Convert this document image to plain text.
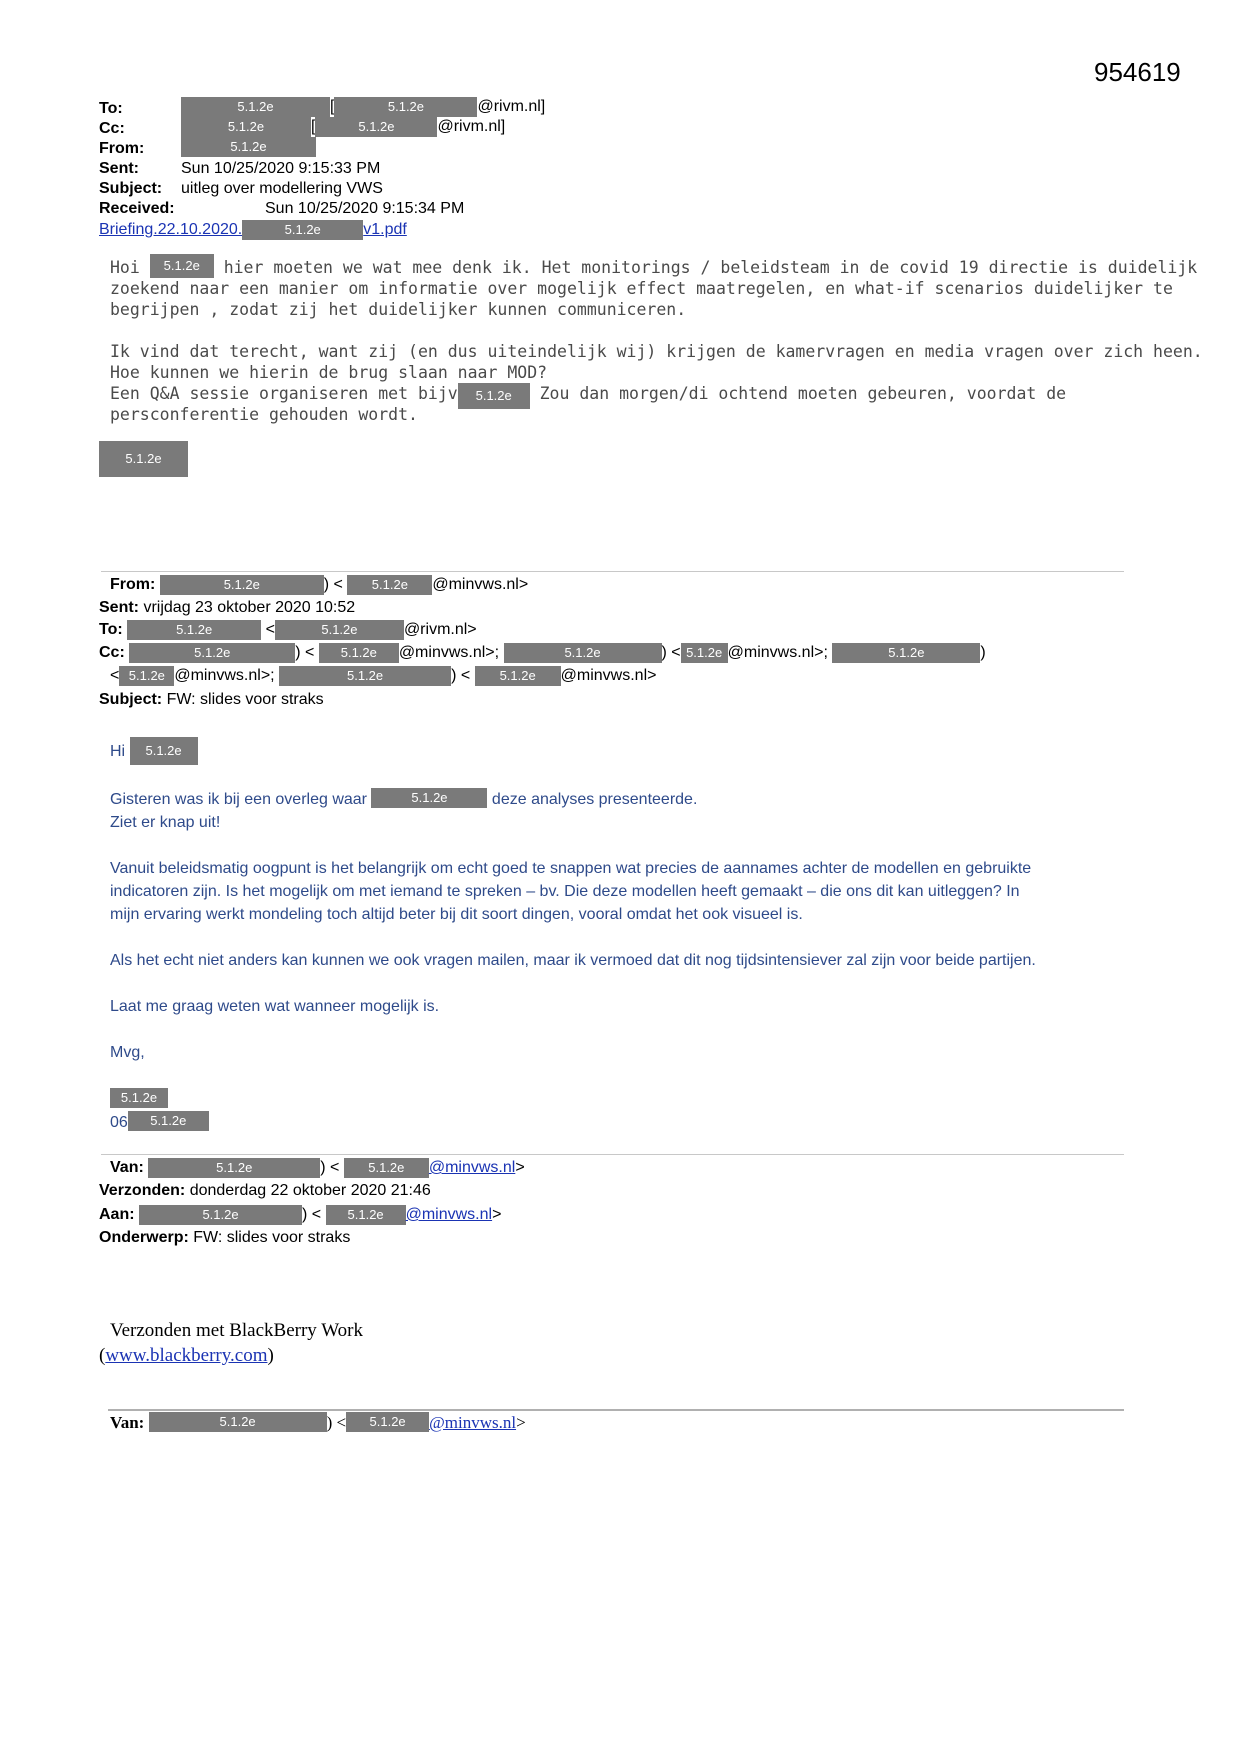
954619
To:	5.1.2e	[	5.1.2e	@rivm.nl]
Cc:	5.1.2e	[	5.1.2e	@rivm.nl]
From:	5.1.2e
Sent:	Sun 10/25/2020 9:15:33 PM
Subject: uitleg over modellering VWS
Received:	Sun 10/25/2020 9:15:34 PM
Briefing.22.10.2020.	5.1.2e	v1.pdf
Hoi 5.1.2e hier moeten we wat mee denk ik. Het monitorings / beleidsteam in de covid 19 directie is duidelijk
zoekend naar een manier om informatie over mogelijk effect maatregelen, en what-if scenarios duidelijker te
begrijpen , zodat zij het duidelijker kunnen communiceren.
Ik vind dat terecht, want zij (en dus uiteindelijk wij) krijgen de kamervragen en media vragen over zich heen.
Hoe kunnen we hierin de brug slaan naar MOD?
Een Q&A sessie organiseren met bijv 5.1.2e Zou dan morgen/di ochtend moeten gebeuren, voordat de
persconferentie gehouden wordt.
5.1.2e
From:	5.1.2e	) < 5.1.2e @minvws.nl>
Sent: vrijdag 23 oktober 2020 10:52
To:	5.1.2e	<	5.1.2e	@rivm.nl>
Cc:	5.1.2e	) < 5.1.2e @minvws.nl>;	5.1.2e	) < 5.1.2e @minvws.nl>;	5.1.2e	)
< 5.1.2e @minvws.nl>;	5.1.2e	) < 5.1.2e @minvws.nl>
Subject: FW: slides voor straks
Hi 5.1.2e
Gisteren was ik bij een overleg waar	5.1.2e	deze analyses presenteerde.
Ziet er knap uit!
Vanuit beleidsmatig oogpunt is het belangrijk om echt goed te snappen wat precies de aannames achter de modellen en gebruikte
indicatoren zijn. Is het mogelijk om met iemand te spreken – bv. Die deze modellen heeft gemaakt – die ons dit kan uitleggen? In
mijn ervaring werkt mondeling toch altijd beter bij dit soort dingen, vooral omdat het ook visueel is.
Als het echt niet anders kan kunnen we ook vragen mailen, maar ik vermoed dat dit nog tijdsintensiever zal zijn voor beide partijen.
Laat me graag weten wat wanneer mogelijk is.
Mvg,
5.1.2e
06 5.1.2e
Van:	5.1.2e	) < 5.1.2e @minvws.nl>
Verzonden: donderdag 22 oktober 2020 21:46
Aan:	5.1.2e	) < 5.1.2e @minvws.nl>
Onderwerp: FW: slides voor straks
Verzonden met BlackBerry Work
(www.blackberry.com)
Van:	5.1.2e	) < 5.1.2e @minvws.nl>
